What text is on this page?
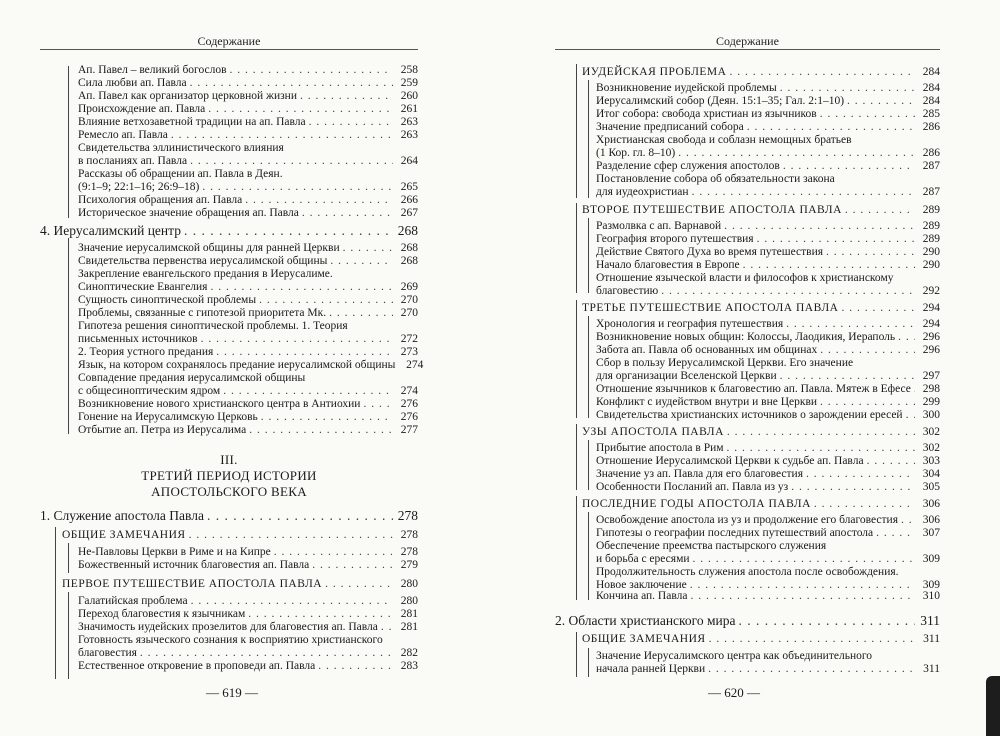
Содержание
Ап. Павел – великий богослов . . .	258
Сила любви ап. Павла . . .	259
Ап. Павел как организатор церковной жизни . . .	260
Происхождение ап. Павла . . .	261
Влияние ветхозаветной традиции на ап. Павла . . .	263
Ремесло ап. Павла . . .	263
Свидетельства эллинистического влияния
в посланиях ап. Павла . . .	264
Рассказы об обращении ап. Павла в Деян.
(9:1–9; 22:1–16; 26:9–18) . . .	265
Психология обращения ап. Павла . . .	266
Историческое значение обращения ап. Павла . . .	267
4. Иерусалимский центр . . .	268
Значение иерусалимской общины для ранней Церкви . . .	268
Свидетельства первенства иерусалимской общины . . .	268
Закрепление евангельского предания в Иерусалиме.
Синоптические Евангелия . . .	269
Сущность синоптической проблемы . . .	270
Проблемы, связанные с гипотезой приоритета Мк. . . .	270
Гипотеза решения синоптической проблемы. 1. Теория
письменных источников . . .	272
2. Теория устного предания . . .	273
Язык, на котором сохранялось предание иерусалимской общины 274
Совпадение предания иерусалимской общины
с общесиноптическим ядром . . .	274
Возникновение нового христианского центра в Антиохии . . .	276
Гонение на Иерусалимскую Церковь . . .	276
Отбытие ап. Петра из Иерусалима . . .	277
III.
ТРЕТИЙ ПЕРИОД ИСТОРИИ
АПОСТОЛЬСКОГО ВЕКА
1. Служение апостола Павла . . .	278
ОБЩИЕ ЗАМЕЧАНИЯ . . .	278
Не-Павловы Церкви в Риме и на Кипре . . .	278
Божественный источник благовестия ап. Павла . . .	279
ПЕРВОЕ ПУТЕШЕСТВИЕ АПОСТОЛА ПАВЛА . . .	280
Галатийская проблема . . .	280
Переход благовестия к язычникам . . .	281
Значимость иудейских прозелитов для благовестия ап. Павла . . .	281
Готовность языческого сознания к восприятию христианского
благовестия . . .	282
Естественное откровение в проповеди ап. Павла . . .	283
— 619 —
Содержание
ИУДЕЙСКАЯ ПРОБЛЕМА . . .	284
Возникновение иудейской проблемы . . .	284
Иерусалимский собор (Деян. 15:1–35; Гал. 2:1–10) . . .	284
Итог собора: свобода христиан из язычников . . .	285
Значение предписаний собора . . .	286
Христианская свобода и соблазн немощных братьев
(1 Кор. гл. 8–10) . . .	286
Разделение сфер служения апостолов . . .	287
Постановление собора об обязательности закона
для иудеохристиан . . .	287
ВТОРОЕ ПУТЕШЕСТВИЕ АПОСТОЛА ПАВЛА . . .	289
Размолвка с ап. Варнавой . . .	289
География второго путешествия . . .	289
Действие Святого Духа во время путешествия . . .	290
Начало благовестия в Европе . . .	290
Отношение языческой власти и философов к христианскому
благовестию . . .	292
ТРЕТЬЕ ПУТЕШЕСТВИЕ АПОСТОЛА ПАВЛА . . .	294
Хронология и география путешествия . . .	294
Возникновение новых общин: Колоссы, Лаодикия, Иераполь . . .	296
Забота ап. Павла об основанных им общинах . . .	296
Сбор в пользу Иерусалимской Церкви. Его значение
для организации Вселенской Церкви . . .	297
Отношение язычников к благовестию ап. Павла. Мятеж в Ефесе . . .	298
Конфликт с иудейством внутри и вне Церкви . . .	299
Свидетельства христианских источников о зарождении ересей . . .	300
УЗЫ АПОСТОЛА ПАВЛА . . .	302
Прибытие апостола в Рим . . .	302
Отношение Иерусалимской Церкви к судьбе ап. Павла . . .	303
Значение уз ап. Павла для его благовестия . . .	304
Особенности Посланий ап. Павла из уз . . .	305
ПОСЛЕДНИЕ ГОДЫ АПОСТОЛА ПАВЛА . . .	306
Освобождение апостола из уз и продолжение его благовестия . . .	306
Гипотезы о географии последних путешествий апостола . . .	307
Обеспечение преемства пастырского служения
и борьба с ересями . . .	309
Продолжительность служения апостола после освобождения.
Новое заключение . . .	309
Кончина ап. Павла . . .	310
2. Области христианского мира . . .	311
ОБЩИЕ ЗАМЕЧАНИЯ . . .	311
Значение Иерусалимского центра как объединительного
начала ранней Церкви . . .	311
— 620 —
